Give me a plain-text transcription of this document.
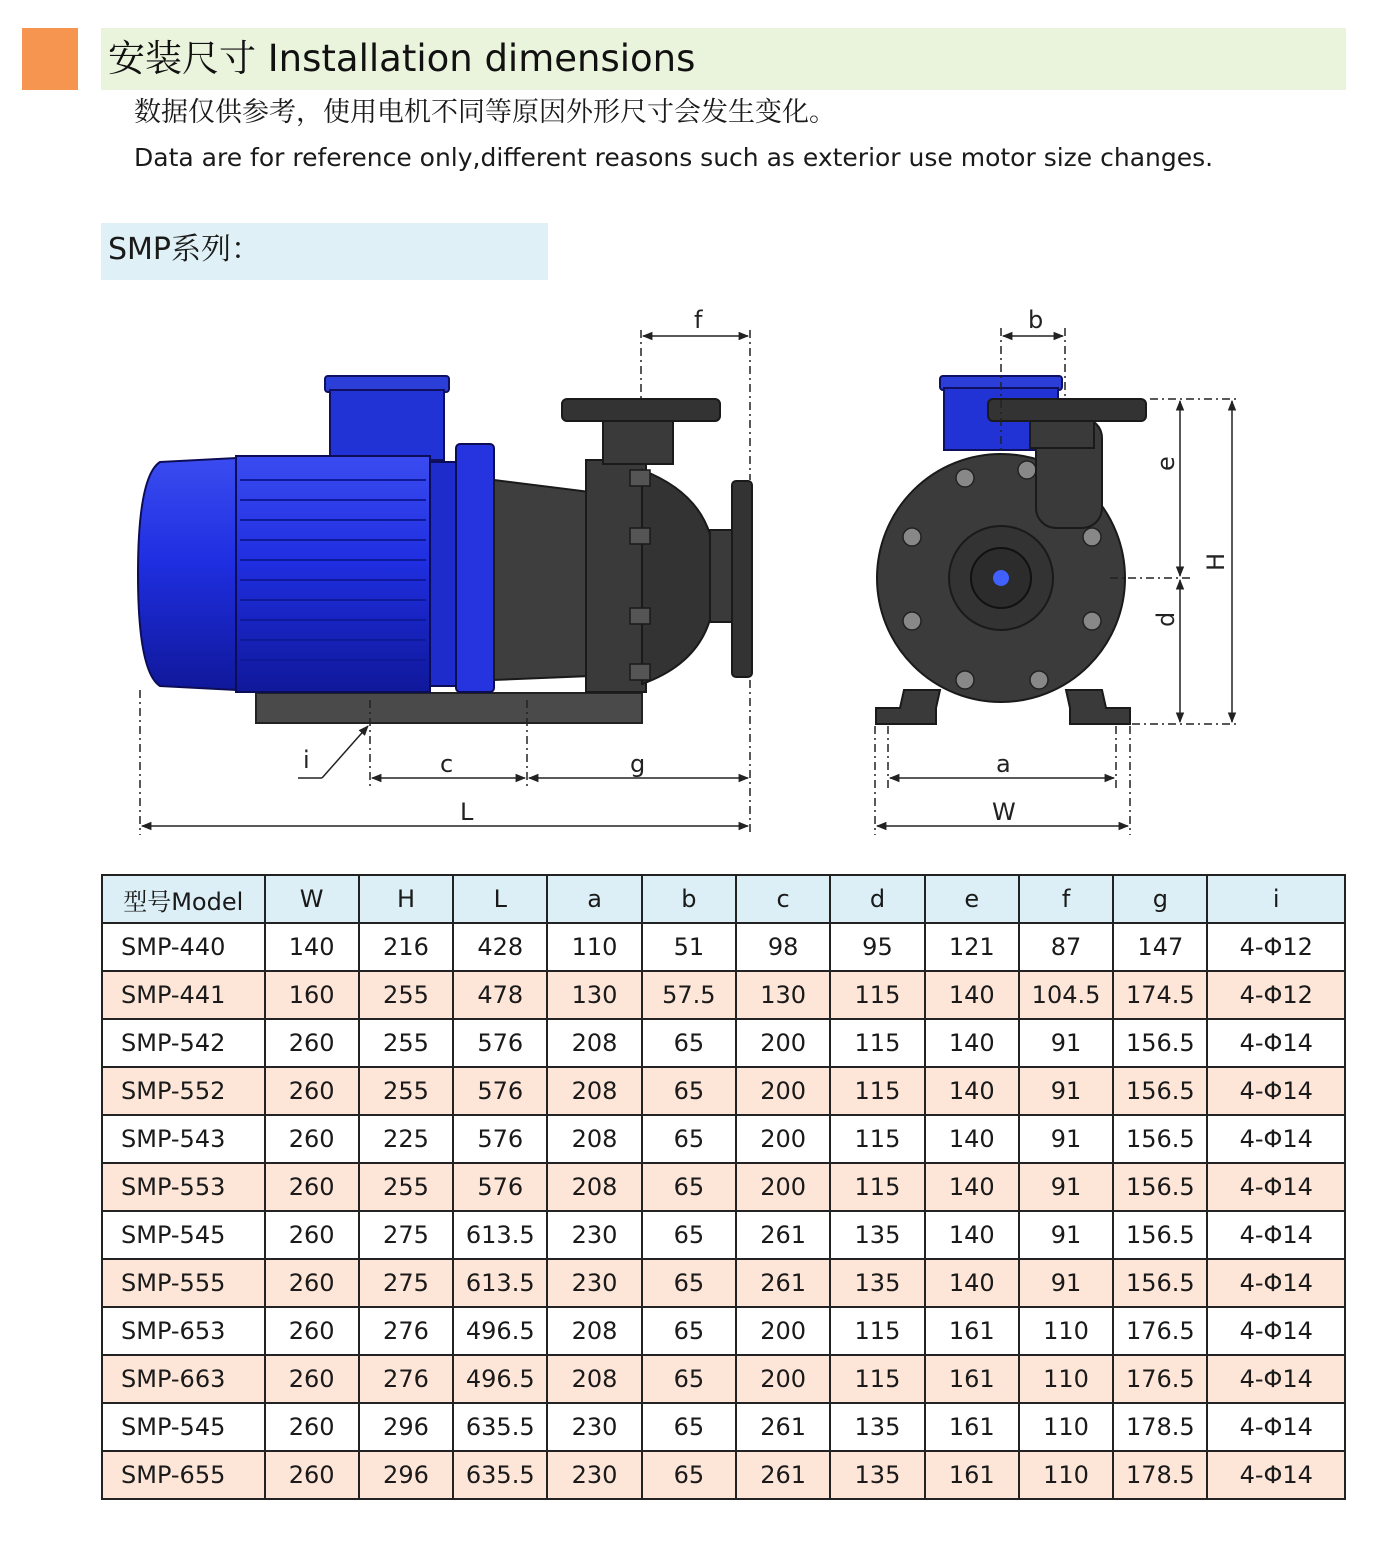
安装尺寸 Installation dimensions
数据仅供参考，使用电机不同等原因外形尺寸会发生变化。
Data are for reference only,different reasons such as exterior use motor size changes.
SMP系列：
f
i	c	g
L
b
e
H
d
a
W
型号Model	W	H	L	a	b	c	d	e	f	g	i
SMP-440	140	216	428	110	51	98	95	121	87	147	4-Φ12
SMP-441	160	255	478	130	57.5	130	115	140	104.5	174.5	4-Φ12
SMP-542	260	255	576	208	65	200	115	140	91	156.5	4-Φ14
SMP-552	260	255	576	208	65	200	115	140	91	156.5	4-Φ14
SMP-543	260	225	576	208	65	200	115	140	91	156.5	4-Φ14
SMP-553	260	255	576	208	65	200	115	140	91	156.5	4-Φ14
SMP-545	260	275	613.5	230	65	261	135	140	91	156.5	4-Φ14
SMP-555	260	275	613.5	230	65	261	135	140	91	156.5	4-Φ14
SMP-653	260	276	496.5	208	65	200	115	161	110	176.5	4-Φ14
SMP-663	260	276	496.5	208	65	200	115	161	110	176.5	4-Φ14
SMP-545	260	296	635.5	230	65	261	135	161	110	178.5	4-Φ14
SMP-655	260	296	635.5	230	65	261	135	161	110	178.5	4-Φ14
